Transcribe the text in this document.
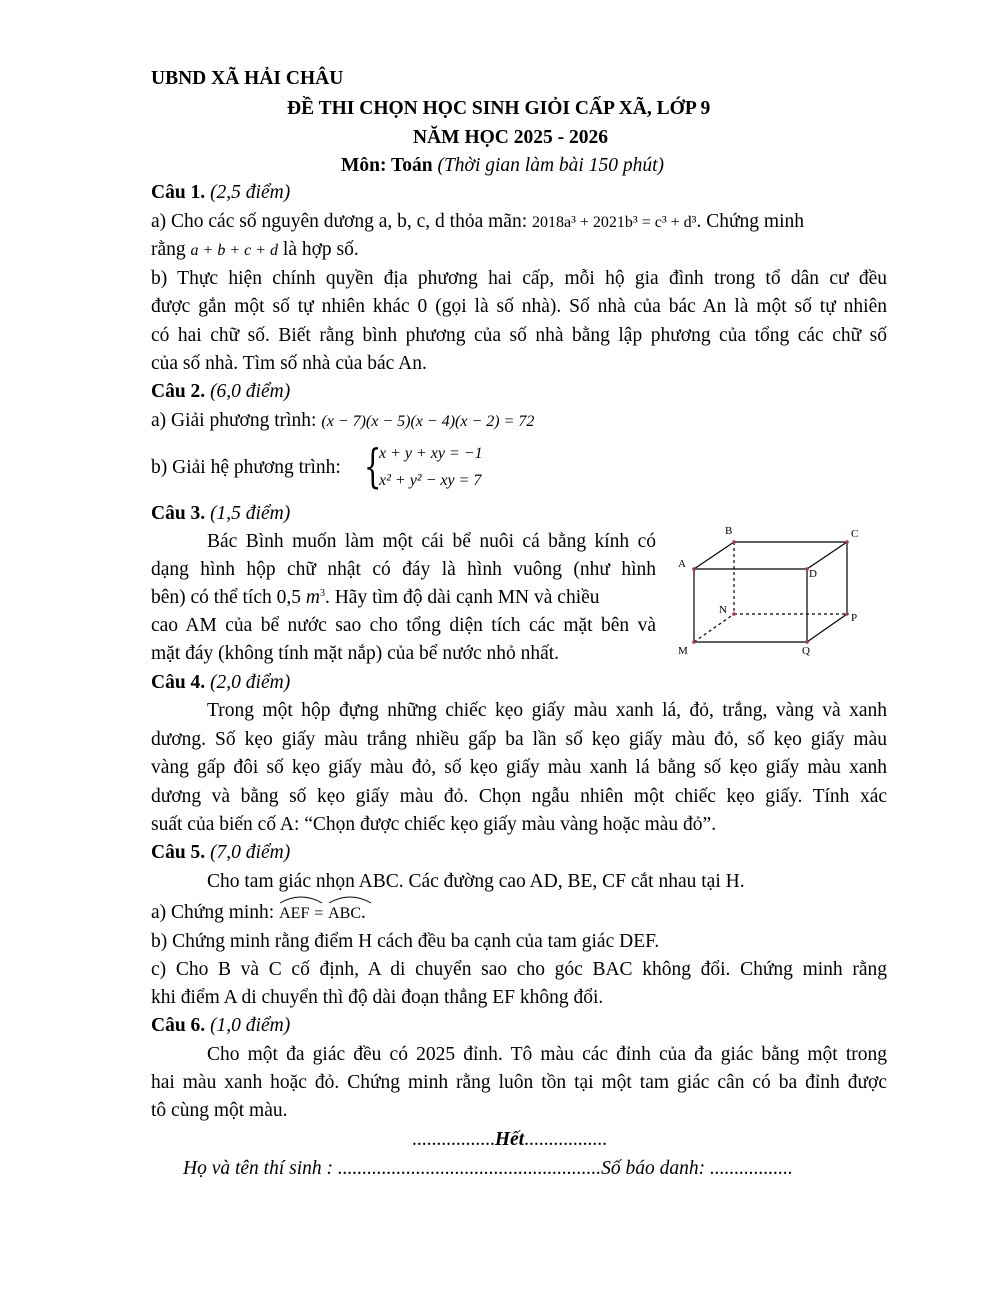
UBND XÃ HẢI CHÂU
ĐỀ THI CHỌN HỌC SINH GIỎI CẤP XÃ, LỚP 9
NĂM HỌC 2025 - 2026
Môn: Toán (Thời gian làm bài 150 phút)
Câu 1. (2,5 điểm)
a) Cho các số nguyên dương a, b, c, d thỏa mãn: 2018a³ + 2021b³ = c³ + d³. Chứng minh
rằng a + b + c + d là hợp số.
b) Thực hiện chính quyền địa phương hai cấp, mỗi hộ gia đình trong tổ dân cư đều
được gắn một số tự nhiên khác 0 (gọi là số nhà). Số nhà của bác An là một số tự nhiên
có hai chữ số. Biết rằng bình phương của số nhà bằng lập phương của tổng các chữ số
của số nhà. Tìm số nhà của bác An.
Câu 2. (6,0 điểm)
a) Giải phương trình: (x − 7)(x − 5)(x − 4)(x − 2) = 72
b) Giải hệ phương trình: {
x + y + xy = −1
x² + y² − xy = 7
Câu 3. (1,5 điểm)
Bác Bình muốn làm một cái bể nuôi cá bằng kính có
dạng hình hộp chữ nhật có đáy là hình vuông (như hình
bên) có thể tích 0,5 $m^3$. Hãy tìm độ dài cạnh MN và chiều
cao AM của bể nước sao cho tổng diện tích các mặt bên và
mặt đáy (không tính mặt nắp) của bể nước nhỏ nhất.
A
B	C
D
M
N
P
Q
Câu 4. (2,0 điểm)
Trong một hộp đựng những chiếc kẹo giấy màu xanh lá, đỏ, trắng, vàng và xanh
dương. Số kẹo giấy màu trắng nhiều gấp ba lần số kẹo giấy màu đỏ, số kẹo giấy màu
vàng gấp đôi số kẹo giấy màu đỏ, số kẹo giấy màu xanh lá bằng số kẹo giấy màu xanh
dương và bằng số kẹo giấy màu đỏ. Chọn ngẫu nhiên một chiếc kẹo giấy. Tính xác
suất của biến cố A: “Chọn được chiếc kẹo giấy màu vàng hoặc màu đỏ”.
Câu 5. (7,0 điểm)
Cho tam giác nhọn ABC. Các đường cao AD, BE, CF cắt nhau tại H.
a) Chứng minh: AEF = ABC.
b) Chứng minh rằng điểm H cách đều ba cạnh của tam giác DEF.
c) Cho B và C cố định, A di chuyển sao cho góc BAC không đổi. Chứng minh rằng
khi điểm A di chuyển thì độ dài đoạn thẳng EF không đổi.
Câu 6. (1,0 điểm)
Cho một đa giác đều có 2025 đỉnh. Tô màu các đỉnh của đa giác bằng một trong
hai màu xanh hoặc đỏ. Chứng minh rằng luôn tồn tại một tam giác cân có ba đỉnh được
tô cùng một màu.
.................Hết.................
Họ và tên thí sinh : ......................................................Số báo danh: .................
